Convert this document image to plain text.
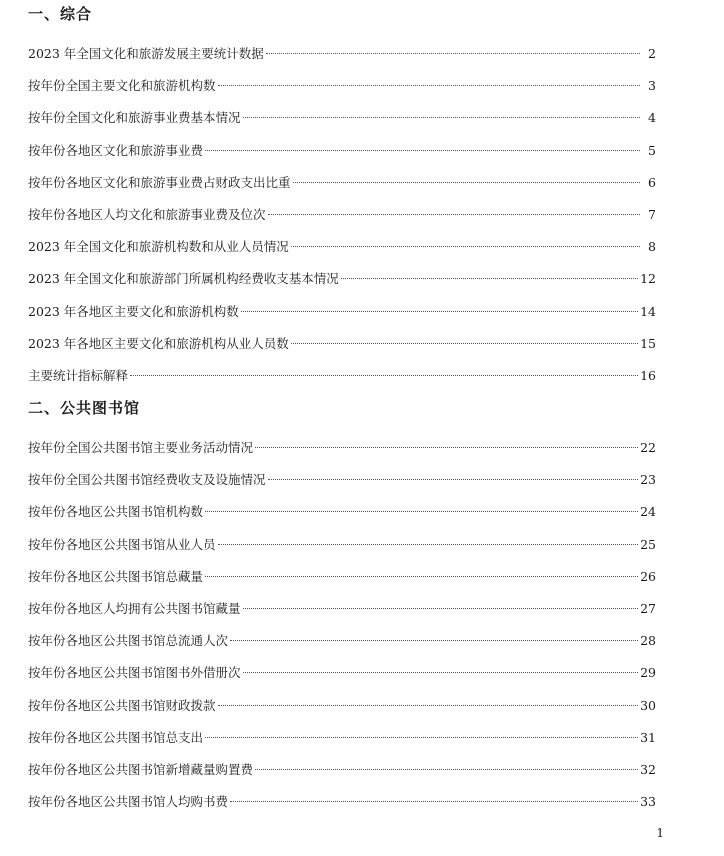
一、综合
2023 年全国文化和旅游发展主要统计数据	2
按年份全国主要文化和旅游机构数	3
按年份全国文化和旅游事业费基本情况	4
按年份各地区文化和旅游事业费	5
按年份各地区文化和旅游事业费占财政支出比重	6
按年份各地区人均文化和旅游事业费及位次	7
2023 年全国文化和旅游机构数和从业人员情况	8
2023 年全国文化和旅游部门所属机构经费收支基本情况	12
2023 年各地区主要文化和旅游机构数	14
2023 年各地区主要文化和旅游机构从业人员数	15
主要统计指标解释	16
二、公共图书馆
按年份全国公共图书馆主要业务活动情况	22
按年份全国公共图书馆经费收支及设施情况	23
按年份各地区公共图书馆机构数	24
按年份各地区公共图书馆从业人员	25
按年份各地区公共图书馆总藏量	26
按年份各地区人均拥有公共图书馆藏量	27
按年份各地区公共图书馆总流通人次	28
按年份各地区公共图书馆图书外借册次	29
按年份各地区公共图书馆财政拨款	30
按年份各地区公共图书馆总支出	31
按年份各地区公共图书馆新增藏量购置费	32
按年份各地区公共图书馆人均购书费	33
1
